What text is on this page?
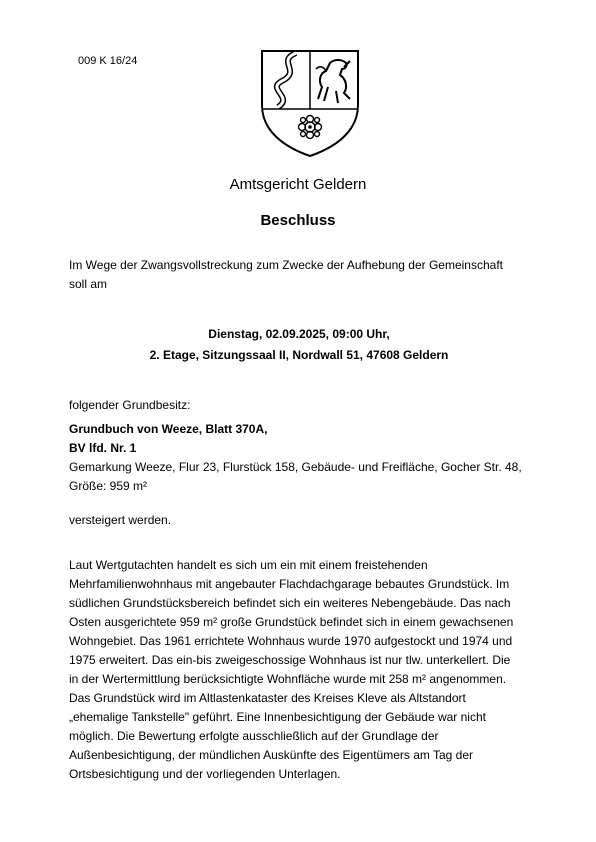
009 K 16/24
Amtsgericht Geldern
Beschluss
Im Wege der Zwangsvollstreckung zum Zwecke der Aufhebung der Gemeinschaft
soll am
Dienstag, 02.09.2025, 09:00 Uhr,
2. Etage, Sitzungssaal II, Nordwall 51, 47608 Geldern
folgender Grundbesitz:
Grundbuch von Weeze, Blatt 370A,
BV lfd. Nr. 1
Gemarkung Weeze, Flur 23, Flurstück 158, Gebäude- und Freifläche, Gocher Str. 48,
Größe: 959 m²
versteigert werden.
Laut Wertgutachten handelt es sich um ein mit einem freistehenden
Mehrfamilienwohnhaus mit angebauter Flachdachgarage bebautes Grundstück. Im
südlichen Grundstücksbereich befindet sich ein weiteres Nebengebäude. Das nach
Osten ausgerichtete 959 m² große Grundstück befindet sich in einem gewachsenen
Wohngebiet. Das 1961 errichtete Wohnhaus wurde 1970 aufgestockt und 1974 und
1975 erweitert. Das ein-bis zweigeschossige Wohnhaus ist nur tlw. unterkellert. Die
in der Wertermittlung berücksichtigte Wohnfläche wurde mit 258 m² angenommen.
Das Grundstück wird im Altlastenkataster des Kreises Kleve als Altstandort
„ehemalige Tankstelle" geführt. Eine Innenbesichtigung der Gebäude war nicht
möglich. Die Bewertung erfolgte ausschließlich auf der Grundlage der
Außenbesichtigung, der mündlichen Auskünfte des Eigentümers am Tag der
Ortsbesichtigung und der vorliegenden Unterlagen.
